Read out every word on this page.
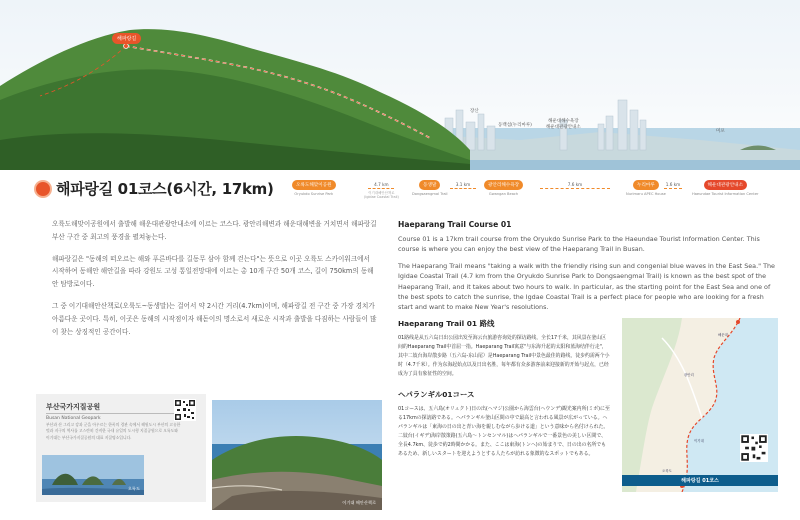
해파랑길
장산
동백섬(누리마루)
해운대해수욕장
해운대관광안내소
미포
해파랑길 01코스(6시간, 17km)	오륙도해맞이공원
Oryukdo Sunrise Park
4.7 km
이기대해안산책로
(Igidae Coastal Trail)
동생말
Dongsaengmal Trail
3.1 km	광안리해수욕장
Gwangan Beach
7.6 km	누리마루
Nurimaru APEC House
1.6 km	해운대관광안내소
Haeundae Tourist Information Center

오륙도해맞이공원에서 출발해 해운대관광안내소에 이르는 코스다. 광안리해변과 해운대해변을 거치면서 해파랑길 부산 구간 중 최고의 풍경을 펼쳐놓는다.

해파랑길은 "동해의 떠오르는 해와 푸른바다를 길동무 삼아 함께 걷는다"는 뜻으로 이곳 오륙도 스카이워크에서 시작하여 동해안 해안길을 따라 강원도 고성 통일전망대에 이르는 총 10개 구간 50개 코스, 길이 750km의 동해안 탐방로이다.

그 중 이기대해안산책로(오륙도~동생말)는 걸어서 약 2시간 거리(4.7km)이며, 해파랑길 전 구간 중 가장 경치가 아름다운 곳이다. 특히, 이곳은 동해의 시작점이자 해돋이의 명소로서 새로운 시작과 출발을 다짐하는 사람들이 많이 찾는 상징적인 공간이다.

부산국가지질공원
Busan National Geopark
부산과 산 그리고 강과 군을 아우르는 한폭의 경관 속에서 해원도시 부산의 고유한 멋과 지구의 역사를 고스란히 간직한 국내 유일의 도시형 지질공원으로 오륙도와 이기대는 부산국가지질공원의 대표 지질명소입니다.
오륙도
이기대 해안산책로
Haeparang Trail Course 01

Course 01 is a 17km trail course from the Oryukdo Sunrise Park to the Haeundae Tourist Information Center. This course is where you can enjoy the best view of the Haeparang Trail in Busan.

The Haeparang Trail means "taking a walk with the friendly rising sun and congenial blue waves in the East Sea." The Igidae Coastal Trail (4.7 km from the Oryukdo Sunrise Park to Dongsaengmal Trail) is known as the best spot of the Haeparang Trail, and it takes about two hours to walk. In particular, as the starting point for the East Sea and one of the best spots to catch the sunrise, the Igdae Coastal Trail is a perfect place for people who are looking for a fresh start and want to make New Year's resolutions.

Haeparang Trail 01 路线

01路线是从五六岛日出公园出发至海云台旅游咨询处的探访路线，全长17千米，其风景在釜山区间的Haeparang Trail中首屈一指。Haeparang Trail寓意"与东海升起的太阳和蓝海结伴行走"，其中二妓台海岸散步路（五六岛-东山尾）是Haeparang Trail中景色最佳的路线，徒步约需两个小时（4.7千米）。作为东海起始点以及日出名胜，每年都有众多游客前来迎接新的开始与起点，已经成为了具有象征性的空间。

ヘパランギル01コース

01コースは、五六島(オリュクト)日の出(ヘマジ)公園から海雲台(ヘウンデ)観光案内所(ミボ)に至る17kmの探訪路である。ヘパランギル釜山区間の中で最高と言われる風景が広がっている。ヘパランギルは「東海の日の出と青い海を親しむながら歩ける道」という意味から名付けられた。二妓台(イギデ)海岸散策路(五六島～トンセンマル)はヘパランギルで一番景色の美しい区間で、全長4.7km、徒歩で約2時間かかる。また、ここは東海(トンヘ)の始まりで、日の出の名所でもあるため、新しいスタートを迎えようとする人たちが訪れる象徴的なスポットでもある。

해운대
광안리
이기대
오륙도
해파랑길 01코스
